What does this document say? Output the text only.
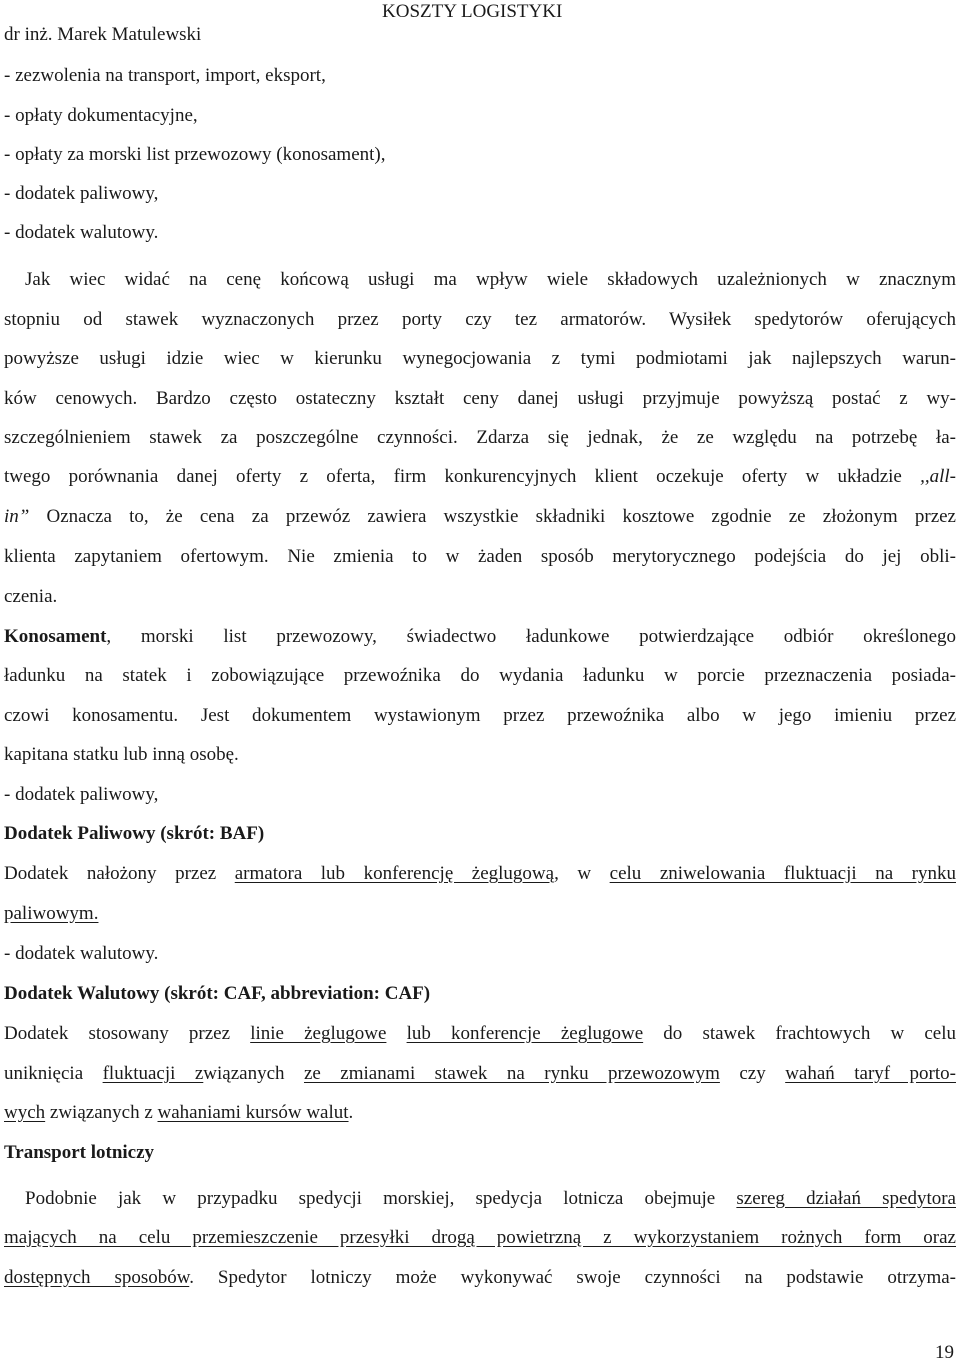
KOSZTY LOGISTYKI
dr inż. Marek Matulewski
- zezwolenia na transport, import, eksport,
- opłaty dokumentacyjne,
- opłaty za morski list przewozowy (konosament),
- dodatek paliwowy,
- dodatek walutowy.
Jak wiec widać na cenę końcową usługi ma wpływ wiele składowych uzależnionych w znacznym
stopniu od stawek wyznaczonych przez porty czy tez armatorów. Wysiłek spedytorów oferujących
powyższe usługi idzie wiec w kierunku wynegocjowania z tymi podmiotami jak najlepszych warun-
ków cenowych. Bardzo często ostateczny kształt ceny danej usługi przyjmuje powyższą postać z wy-
szczególnieniem stawek za poszczególne czynności. Zdarza się jednak, że ze względu na potrzebę ła-
twego porównania danej oferty z oferta, firm konkurencyjnych klient oczekuje oferty w układzie ,,all-
in” Oznacza to, że cena za przewóz zawiera wszystkie składniki kosztowe zgodnie ze złożonym przez
klienta zapytaniem ofertowym. Nie zmienia to w żaden sposób merytorycznego podejścia do jej obli-
czenia.
Konosament, morski list przewozowy, świadectwo ładunkowe potwierdzające odbiór określonego
ładunku na statek i zobowiązujące przewoźnika do wydania ładunku w porcie przeznaczenia posiada-
czowi konosamentu. Jest dokumentem wystawionym przez przewoźnika albo w jego imieniu przez
kapitana statku lub inną osobę.
- dodatek paliwowy,
Dodatek Paliwowy (skrót: BAF)
Dodatek nałożony przez armatora lub konferencję żeglugową, w celu zniwelowania fluktuacji na rynku
paliwowym.
- dodatek walutowy.
Dodatek Walutowy (skrót: CAF, abbreviation: CAF)
Dodatek stosowany przez linie żeglugowe lub konferencje żeglugowe do stawek frachtowych w celu
uniknięcia fluktuacji związanych ze zmianami stawek na rynku przewozowym czy wahań taryf porto-
wych związanych z wahaniami kursów walut.
Transport lotniczy
Podobnie jak w przypadku spedycji morskiej, spedycja lotnicza obejmuje szereg działań spedytora
mających na celu przemieszczenie przesyłki drogą powietrzną z wykorzystaniem rożnych form oraz
dostępnych sposobów. Spedytor lotniczy może wykonywać swoje czynności na podstawie otrzyma-
19
